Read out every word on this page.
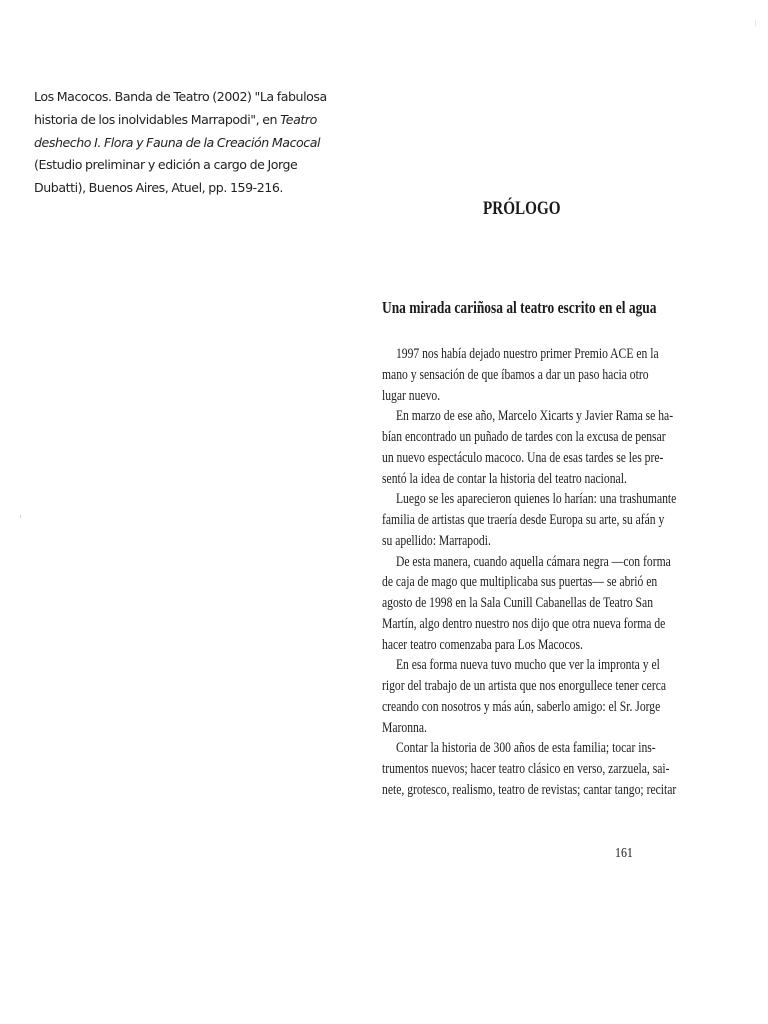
Los Macocos. Banda de Teatro (2002) "La fabulosa historia de los inolvidables Marrapodi", en Teatro deshecho I. Flora y Fauna de la Creación Macocal (Estudio preliminar y edición a cargo de Jorge Dubatti), Buenos Aires, Atuel, pp. 159-216.
PRÓLOGO
Una mirada cariñosa al teatro escrito en el agua
1997 nos había dejado nuestro primer Premio ACE en la
mano y sensación de que íbamos a dar un paso hacia otro
lugar nuevo.
En marzo de ese año, Marcelo Xicarts y Javier Rama se ha-
bían encontrado un puñado de tardes con la excusa de pensar
un nuevo espectáculo macoco. Una de esas tardes se les pre-
sentó la idea de contar la historia del teatro nacional.
Luego se les aparecieron quienes lo harían: una trashumante
familia de artistas que traería desde Europa su arte, su afán y
su apellido: Marrapodi.
De esta manera, cuando aquella cámara negra —con forma
de caja de mago que multiplicaba sus puertas— se abrió en
agosto de 1998 en la Sala Cunill Cabanellas de Teatro San
Martín, algo dentro nuestro nos dijo que otra nueva forma de
hacer teatro comenzaba para Los Macocos.
En esa forma nueva tuvo mucho que ver la impronta y el
rigor del trabajo de un artista que nos enorgullece tener cerca
creando con nosotros y más aún, saberlo amigo: el Sr. Jorge
Maronna.
Contar la historia de 300 años de esta familia; tocar ins-
trumentos nuevos; hacer teatro clásico en verso, zarzuela, sai-
nete, grotesco, realismo, teatro de revistas; cantar tango; recitar
161
